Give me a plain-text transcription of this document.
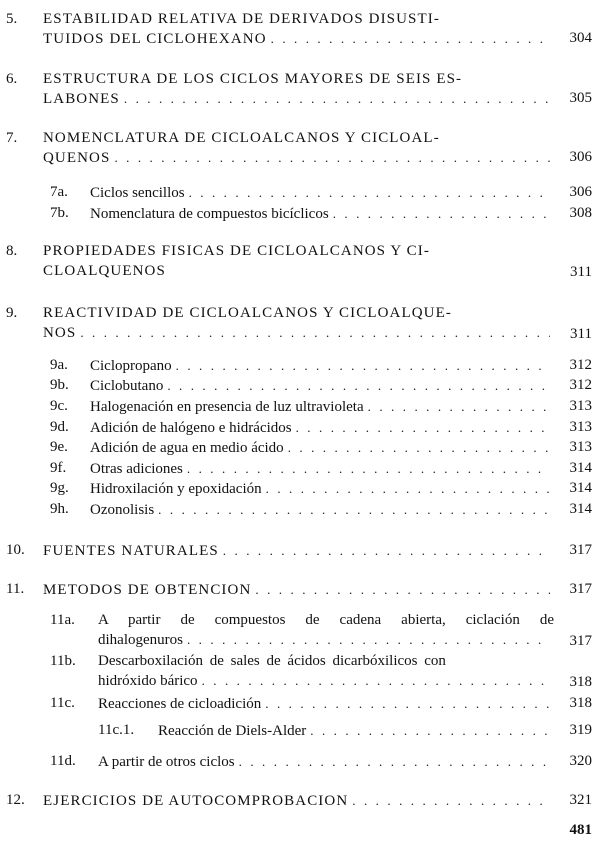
5.	ESTABILIDAD RELATIVA DE DERIVADOS DISUSTI-
TUIDOS DEL CICLOHEXANO . . .	304
6.	ESTRUCTURA DE LOS CICLOS MAYORES DE SEIS ES-
LABONES . . .	305
7.	NOMENCLATURA DE CICLOALCANOS Y CICLOAL-
QUENOS . . .	306
7a.	Ciclos sencillos . . .	306
7b.	Nomenclatura de compuestos bicíclicos . . .	308
8.	PROPIEDADES FISICAS DE CICLOALCANOS Y CI-
CLOALQUENOS	311
9.	REACTIVIDAD DE CICLOALCANOS Y CICLOALQUE-
NOS . . .	311
9a.	Ciclopropano . . .	312
9b.	Ciclobutano . . .	312
9c.	Halogenación en presencia de luz ultravioleta . . .	313
9d.	Adición de halógeno e hidrácidos . . .	313
9e.	Adición de agua en medio ácido . . .	313
9f.	Otras adiciones . . .	314
9g.	Hidroxilación y epoxidación . . .	314
9h.	Ozonolisis . . .	314
10.	FUENTES NATURALES . . .	317
11.	METODOS DE OBTENCION . . .	317
11a.	A partir de compuestos de cadena abierta, ciclación de
dihalogenuros . . .	317
11b.	Descarboxilación de sales de ácidos dicarbóxilicos con
hidróxido bárico . . .	318
11c.	Reacciones de cicloadición . . .	318
11c.1.	Reacción de Diels-Alder . . .	319
11d.	A partir de otros ciclos . . .	320
12.	EJERCICIOS DE AUTOCOMPROBACION . . .	321
481
